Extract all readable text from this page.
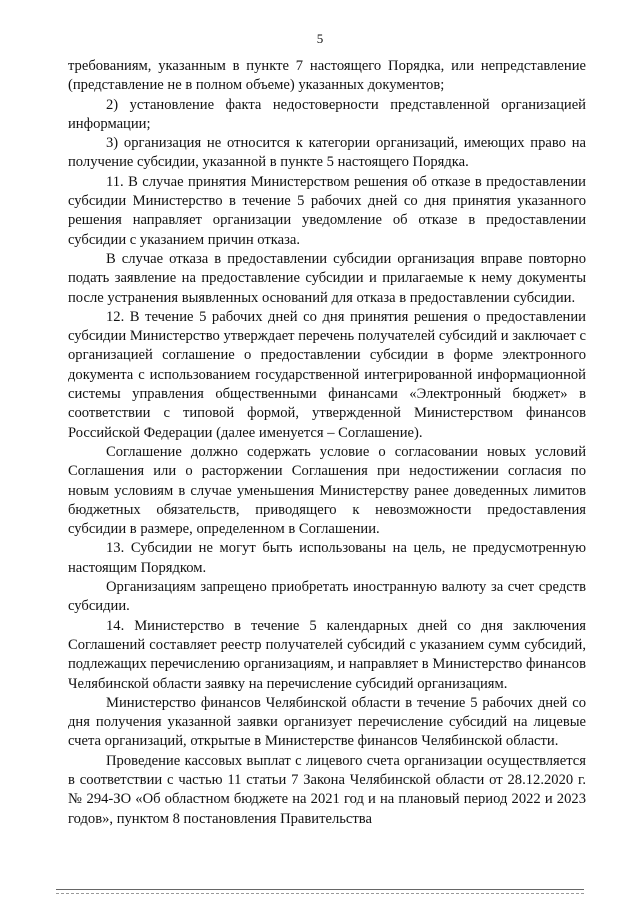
5

требованиям, указанным в пункте 7 настоящего Порядка, или непредставление (представление не в полном объеме) указанных документов;

2) установление факта недостоверности представленной организацией информации;

3) организация не относится к категории организаций, имеющих право на получение субсидии, указанной в пункте 5 настоящего Порядка.

11. В случае принятия Министерством решения об отказе в предоставлении субсидии Министерство в течение 5 рабочих дней со дня принятия указанного решения направляет организации уведомление об отказе в предоставлении субсидии с указанием причин отказа.

В случае отказа в предоставлении субсидии организация вправе повторно подать заявление на предоставление субсидии и прилагаемые к нему документы после устранения выявленных оснований для отказа в предоставлении субсидии.

12. В течение 5 рабочих дней со дня принятия решения о предоставлении субсидии Министерство утверждает перечень получателей субсидий и заключает с организацией соглашение о предоставлении субсидии в форме электронного документа с использованием государственной интегрированной информационной системы управления общественными финансами «Электронный бюджет» в соответствии с типовой формой, утвержденной Министерством финансов Российской Федерации (далее именуется – Соглашение).

Соглашение должно содержать условие о согласовании новых условий Соглашения или о расторжении Соглашения при недостижении согласия по новым условиям в случае уменьшения Министерству ранее доведенных лимитов бюджетных обязательств, приводящего к невозможности предоставления субсидии в размере, определенном в Соглашении.

13. Субсидии не могут быть использованы на цель, не предусмотренную настоящим Порядком.

Организациям запрещено приобретать иностранную валюту за счет средств субсидии.

14. Министерство в течение 5 календарных дней со дня заключения Соглашений составляет реестр получателей субсидий с указанием сумм субсидий, подлежащих перечислению организациям, и направляет в Министерство финансов Челябинской области заявку на перечисление субсидий организациям.

Министерство финансов Челябинской области в течение 5 рабочих дней со дня получения указанной заявки организует перечисление субсидий на лицевые счета организаций, открытые в Министерстве финансов Челябинской области.

Проведение кассовых выплат с лицевого счета организации осуществляется в соответствии с частью 11 статьи 7 Закона Челябинской области от 28.12.2020 г. № 294-ЗО «Об областном бюджете на 2021 год и на плановый период 2022 и 2023 годов», пунктом 8 постановления Правительства
